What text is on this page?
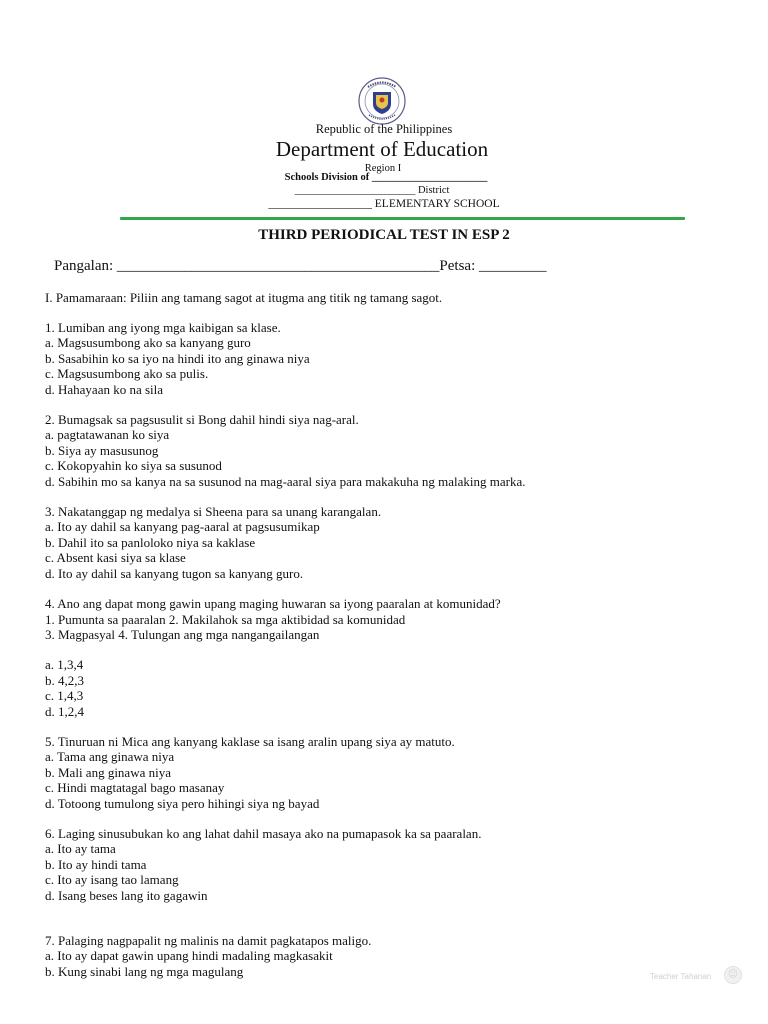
Republic of the Philippines
Department of Education
Region I
Schools Division of ______________________
_______________________ District
__________________ ELEMENTARY SCHOOL
THIRD PERIODICAL TEST IN ESP 2
Pangalan: ___________________________________________Petsa: _________
I. Pamamaraan: Piliin ang tamang sagot at itugma ang titik ng tamang sagot.
1. Lumiban ang iyong mga kaibigan sa klase.
a. Magsusumbong ako sa kanyang guro
b. Sasabihin ko sa iyo na hindi ito ang ginawa niya
c. Magsusumbong ako sa pulis.
d. Hahayaan ko na sila
2. Bumagsak sa pagsusulit si Bong dahil hindi siya nag-aral.
a. pagtatawanan ko siya
b. Siya ay masusunog
c. Kokopyahin ko siya sa susunod
d. Sabihin mo sa kanya na sa susunod na mag-aaral siya para makakuha ng malaking marka.
3. Nakatanggap ng medalya si Sheena para sa unang karangalan.
a. Ito ay dahil sa kanyang pag-aaral at pagsusumikap
b. Dahil ito sa panloloko niya sa kaklase
c. Absent kasi siya sa klase
d. Ito ay dahil sa kanyang tugon sa kanyang guro.
4. Ano ang dapat mong gawin upang maging huwaran sa iyong paaralan at komunidad?
1. Pumunta sa paaralan 2. Makilahok sa mga aktibidad sa komunidad
3. Magpasyal 4. Tulungan ang mga nangangailangan
a. 1,3,4
b. 4,2,3
c. 1,4,3
d. 1,2,4
5. Tinuruan ni Mica ang kanyang kaklase sa isang aralin upang siya ay matuto.
a. Tama ang ginawa niya
b. Mali ang ginawa niya
c. Hindi magtatagal bago masanay
d. Totoong tumulong siya pero hihingi siya ng bayad
6. Laging sinusubukan ko ang lahat dahil masaya ako na pumapasok ka sa paaralan.
a. Ito ay tama
b. Ito ay hindi tama
c. Ito ay isang tao lamang
d. Isang beses lang ito gagawin
7. Palaging nagpapalit ng malinis na damit pagkatapos maligo.
a. Ito ay dapat gawin upang hindi madaling magkasakit
b. Kung sinabi lang ng mga magulang	Teacher Tahanan	☺
